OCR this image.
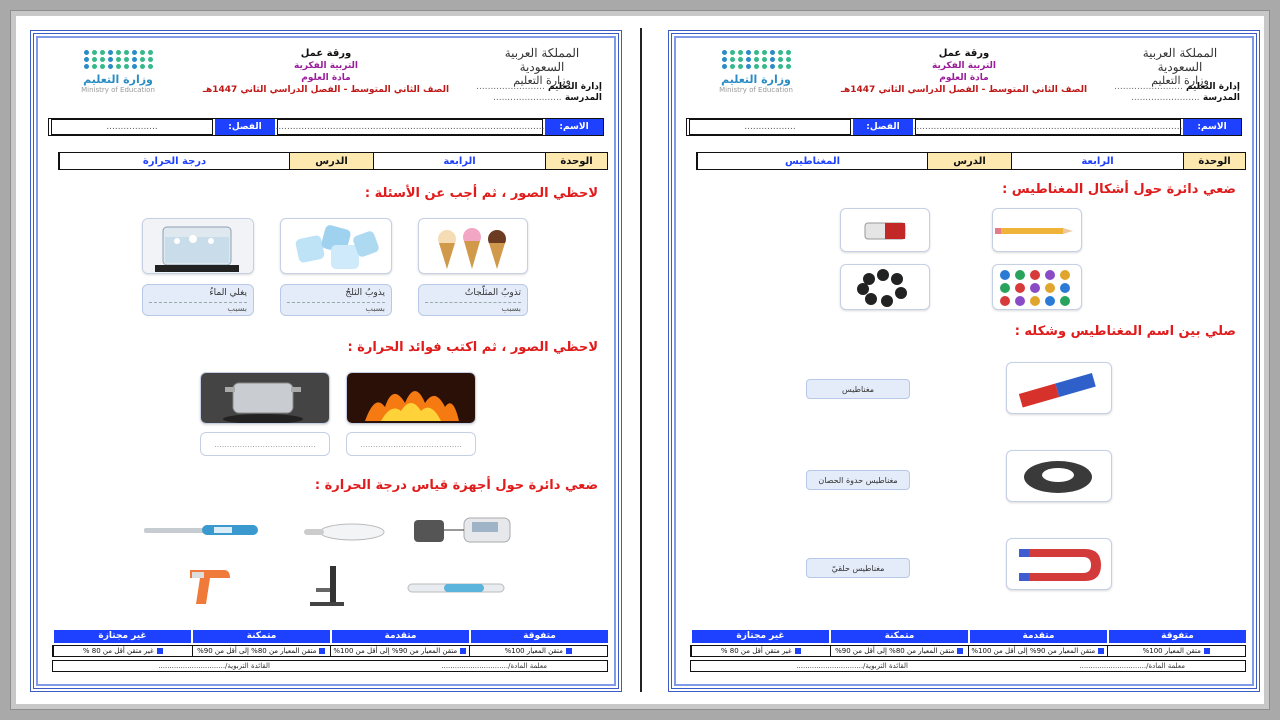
المملكة العربية السعودية
وزارة التعليم
إدارة التعليم ........................
المدرسة ........................
ورقة عمل
التربية الفكرية
مادة العلوم
الصف الثاني المتوسط - الفصل الدراسي الثاني 1447هـ
وزارة التعليم
Ministry of Education
الاسم:
..............................................................................................
الفصل:
..................
الوحدة
الرابعة
الدرس
درجة الحرارة
لاحظي الصور ، ثم أجب عن الأسئلة :
تذوبُ المثلّجاتُ
بسبب
يذوبُ الثلجُ
بسبب
يغلي الماءُ
بسبب
لاحظي الصور ، ثم اكتب فوائد الحرارة :
........................................
........................................
ضعي دائرة حول أجهزة قياس درجة الحرارة :
متفوقة
متقدمة
متمكنة
غير مجتازة
متقن المعيار 100%
متقن المعيار من 90% إلى أقل من 100%
متقن المعيار من 80% إلى أقل من 90%
غير متقن أقل من 80 %
معلمة المادة/..............................
القائدة التربوية/..............................
المملكة العربية السعودية
وزارة التعليم
إدارة التعليم ........................
المدرسة ........................
ورقة عمل
التربية الفكرية
مادة العلوم
الصف الثاني المتوسط - الفصل الدراسي الثاني 1447هـ
وزارة التعليم
Ministry of Education
الاسم:
..............................................................................................
الفصل:
..................
الوحدة
الرابعة
الدرس
المغناطيس
ضعي دائرة حول أشكال المغناطيس :
صلي بين اسم المغناطيس وشكله :
مغناطيس
مغناطيس حدوة الحصان
مغناطيس حلقيّ
متفوقة
متقدمة
متمكنة
غير مجتازة
متقن المعيار 100%
متقن المعيار من 90% إلى أقل من 100%
متقن المعيار من 80% إلى أقل من 90%
غير متقن أقل من 80 %
معلمة المادة/..............................
القائدة التربوية/..............................
